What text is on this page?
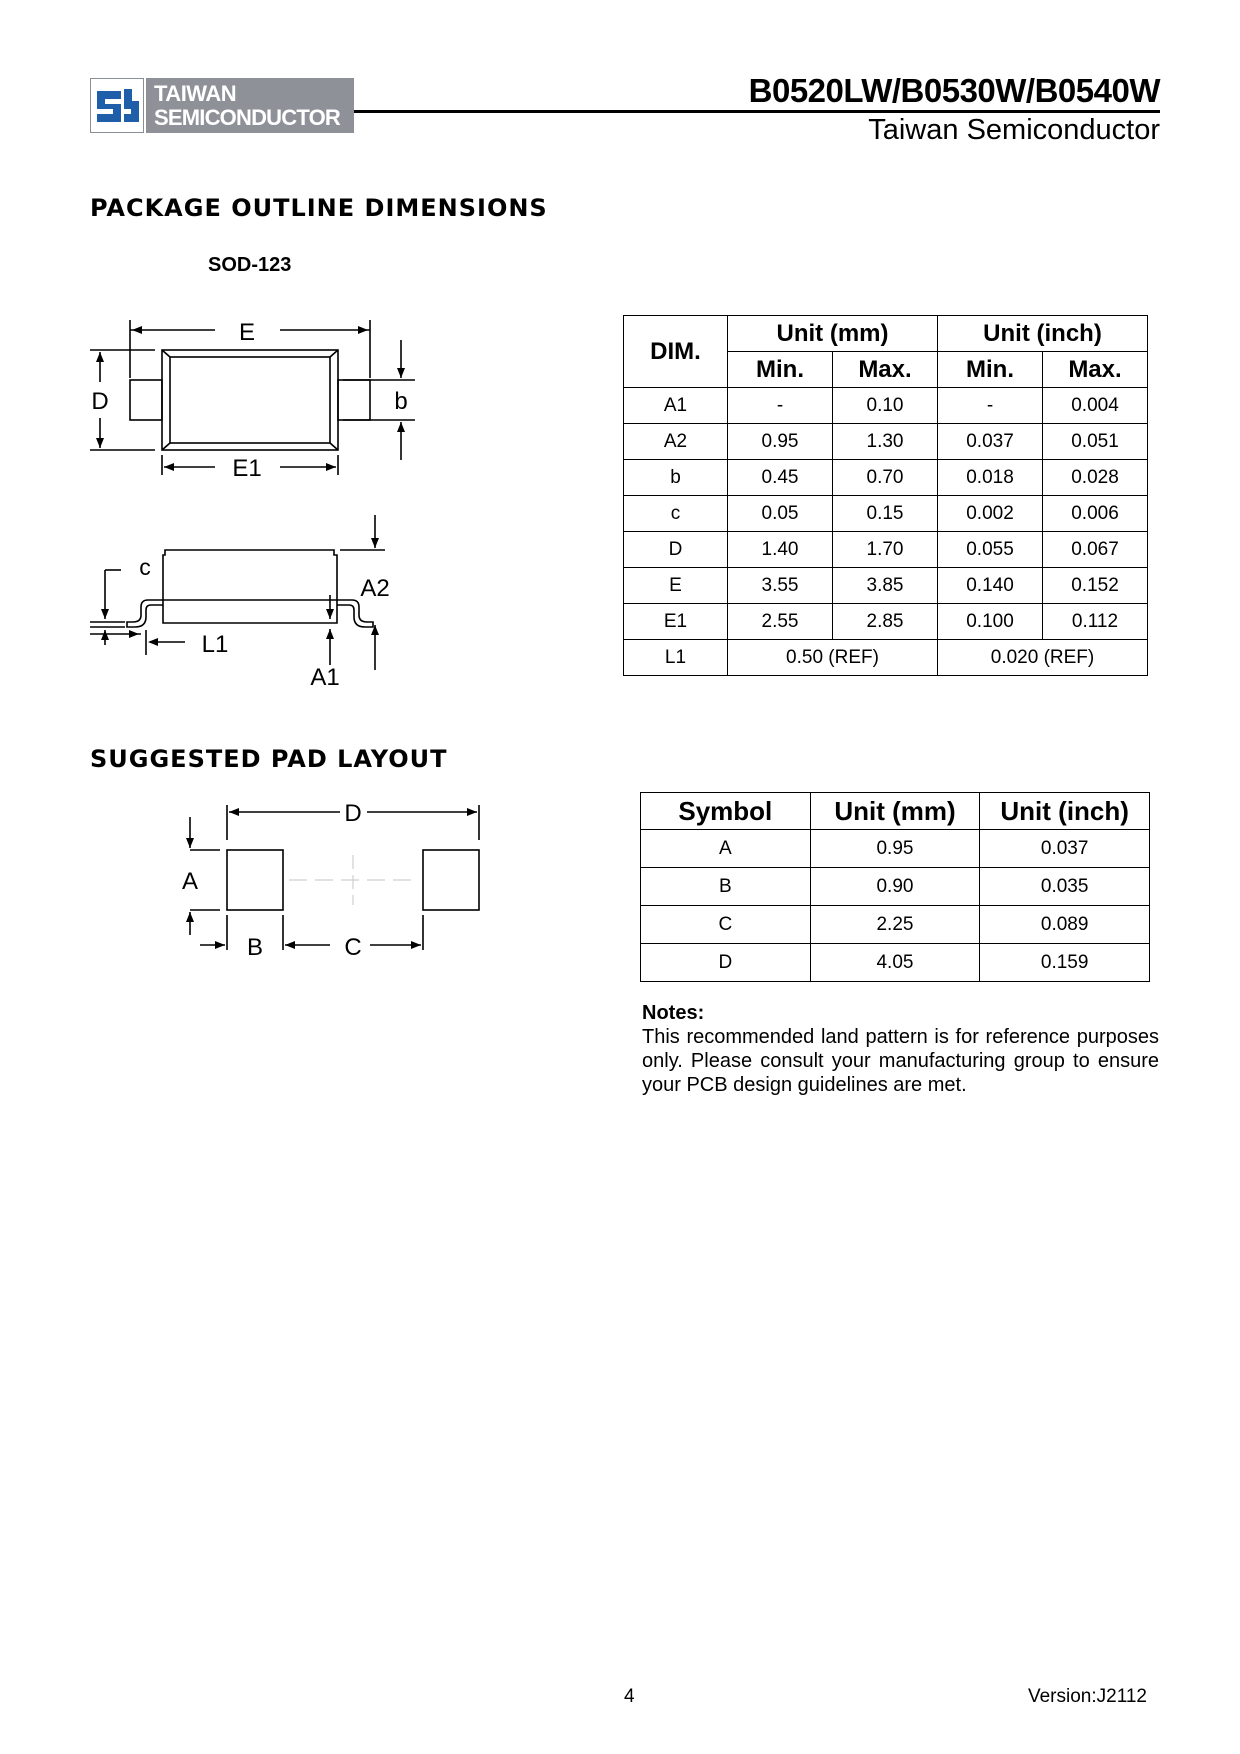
TAIWAN
SEMICONDUCTOR
B0520LW/B0530W/B0540W
Taiwan Semiconductor
PACKAGE OUTLINE DIMENSIONS
SOD-123
E
D	b
E1
c
A2
L1
A1
DIM.	Unit (mm)		Unit (inch)	
	Min.	Max.	Min.	Max.
A1	-	0.10	-	0.004
A2	0.95	1.30	0.037	0.051
b	0.45	0.70	0.018	0.028
c	0.05	0.15	0.002	0.006
D	1.40	1.70	0.055	0.067
E	3.55	3.85	0.140	0.152
E1	2.55	2.85	0.100	0.112
L1	0.50 (REF)		0.020 (REF)	
SUGGESTED PAD LAYOUT
D
A
B	C
Symbol	Unit (mm)	Unit (inch)
A	0.95	0.037
B	0.90	0.035
C	2.25	0.089
D	4.05	0.159
Notes:
This recommended land pattern is for reference purposes only. Please consult your manufacturing group to ensure your PCB design guidelines are met.
4	Version:J2112
